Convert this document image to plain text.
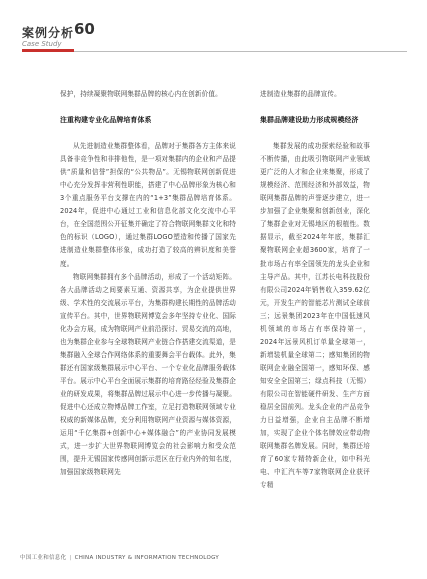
案例分析 60
Case Study

保护，持续凝聚物联网集群品牌的核心内在创新价值。

注重构建专业化品牌培育体系

从先进制造业集群整体看，品牌对于集群各方主体来说具备非竞争性和非排他性，是一项对集群内的企业和产品提供“质量和信誉”担保的“公共物品”。无锡物联网创新促进中心充分发挥非营利性职能，搭建了中心品牌形象为核心和3个重点服务平台支撑在内的“1+3”集群品牌培育体系。2024年，促进中心通过工业和信息化部文化交流中心平台，在全国范围公开征集并确定了符合物联网集群文化和特色的标识（LOGO），通过集群LOGO塑造和传播了国家先进制造业集群整体形象，成功打造了较高的辨识度和美誉度。

物联网集群拥有多个品牌活动，形成了一个活动矩阵。各大品牌活动之间要素互通、资源共享，为企业提供世界级、学术性的交流展示平台，为集群构建长期性的品牌活动宣传平台。其中，世界物联网博览会多年坚持专业化、国际化办会方展，成为物联网产业前沿探讨、贸易交流的高地，也为集群企业参与全球物联网产业链合作搭建交流渠道，是集群融入全球合作网络体系的重要舞会平台载体。此外，集群还有国家级集群展示中心平台、一个专业化品牌服务载体平台。展示中心平台全面展示集群的培育路径经验及集群企业的研发成果，将集群品牌过展示中心进一步传播与凝聚。促进中心还成立物博品牌工作室，立足打造物联网领域专业权威的新媒体品牌，充分利用物联网产业资源与媒体资源，运用“千亿集群+创新中心+媒体融合”的产业协同发展模式，进一步扩大世界物联网博览会的社会影响力和受众范围，提升无锡国家传感网创新示范区在行业内外的知名度，加强国家级物联网先

进制造业集群的品牌宣传。

集群品牌建设助力形成规模经济

集群发展的成功探索经验和故事不断传播，由此吸引物联网产业领域更广泛的人才和企业来集聚，形成了规模经济、范围经济和外部效益，物联网集群品牌的声誉逐步建立，进一步加强了企业集聚和创新创业，深化了集群企业对无锡地区的根植性。数据显示，截至2024年年底，集群汇聚物联网企业超3600家，培育了一批市场占有率全国领先的龙头企业和主导产品。其中，江苏长电科技股份有限公司2024年销售收入359.62亿元，开发生产的智能芯片测试全球前三；远景集团2023年在中国低速风机领域的市场占有率保持第一，2024年远景风机订单量全球第一，新增装机量全球第二；感知集团的物联网企业融全国第一，感知环保、感知安全全国第三；绿点科技（无锡）有限公司在智能硬件研发、生产方面稳居全国前列。龙头企业的产品竞争力日益增强，企业自主品牌不断增加，实现了企业个体名牌效应带动物联网集群名牌发展。同时，集群还培育了60家专精特新企业，如中科光电、中汇汽车等7家物联网企业获评专精

中国工业和信息化 | CHINA INDUSTRY & INFORMATION TECHNOLOGY
